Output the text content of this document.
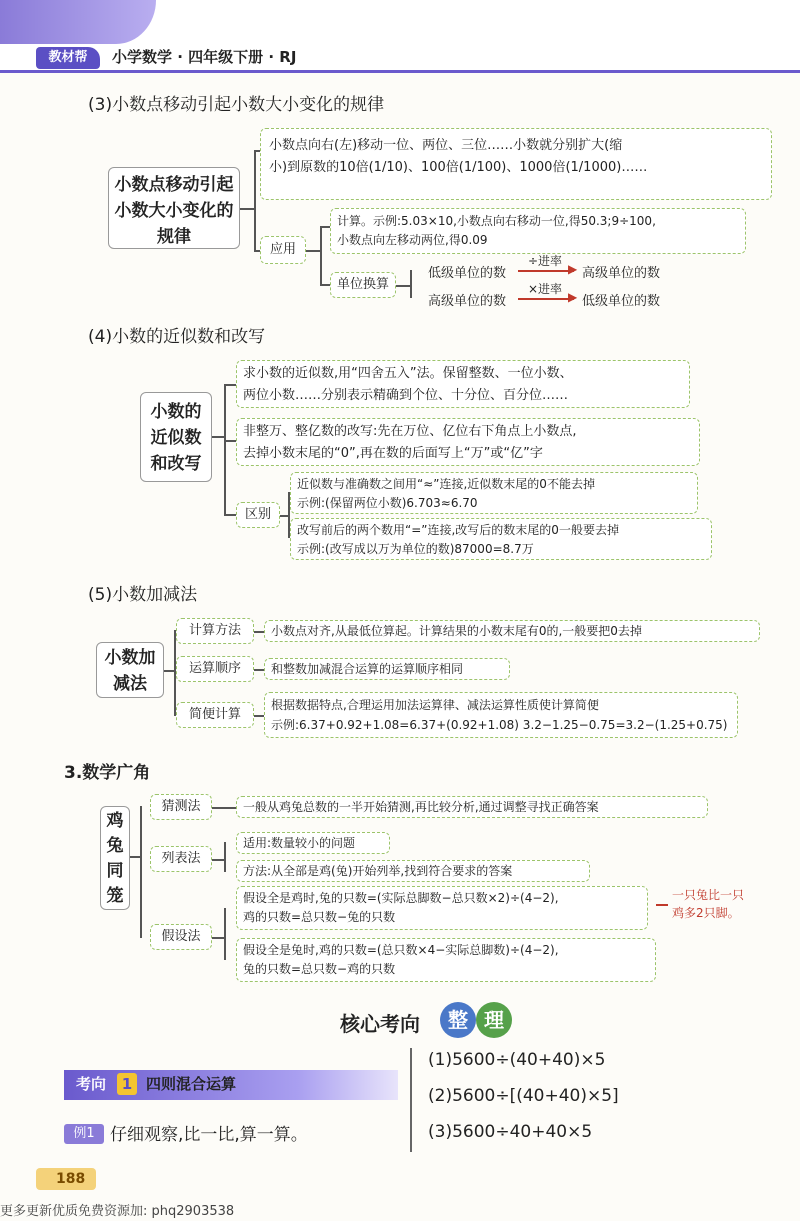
教材帮	小学数学 · 四年级下册 · RJ
(3)小数点移动引起小数大小变化的规律
小数点移动引起小数大小变化的规律
小数点向右(左)移动一位、两位、三位……小数就分别扩大(缩
小)到原数的10倍(1/10)、100倍(1/100)、1000倍(1/1000)……
应用
计算。示例:5.03×10,小数点向右移动一位,得50.3;9÷100,
小数点向左移动两位,得0.09
单位换算
低级单位的数
÷进率
▶ 高级单位的数
高级单位的数
×进率
▶ 低级单位的数
(4)小数的近似数和改写
小数的近似数和改写
求小数的近似数,用“四舍五入”法。保留整数、一位小数、
两位小数……分别表示精确到个位、十分位、百分位……
非整万、整亿数的改写:先在万位、亿位右下角点上小数点,
去掉小数末尾的“0”,再在数的后面写上“万”或“亿”字
区别
近似数与准确数之间用“≈”连接,近似数末尾的0不能去掉
示例:(保留两位小数)6.703≈6.70
改写前后的两个数用“=”连接,改写后的数末尾的0一般要去掉
示例:(改写成以万为单位的数)87000=8.7万
(5)小数加减法
小数加减法
计算方法
运算顺序
简便计算
小数点对齐,从最低位算起。计算结果的小数末尾有0的,一般要把0去掉
和整数加减混合运算的运算顺序相同
根据数据特点,合理运用加法运算律、减法运算性质使计算简便
示例:6.37+0.92+1.08=6.37+(0.92+1.08) 3.2−1.25−0.75=3.2−(1.25+0.75)
3.数学广角
鸡兔同笼
猜测法
列表法
假设法
一般从鸡兔总数的一半开始猜测,再比较分析,通过调整寻找正确答案
适用:数量较小的问题
方法:从全部是鸡(兔)开始列举,找到符合要求的答案
假设全是鸡时,兔的只数=(实际总脚数−总只数×2)÷(4−2),
鸡的只数=总只数−兔的只数
假设全是兔时,鸡的只数=(总只数×4−实际总脚数)÷(4−2),
兔的只数=总只数−鸡的只数
一只兔比一只
鸡多2只脚。
核心考向	整 理
考向	1 四则混合运算
例1 仔细观察,比一比,算一算。
(1)5600÷(40+40)×5
(2)5600÷[(40+40)×5]
(3)5600÷40+40×5
188
更多更新优质免费资源加: phq2903538
